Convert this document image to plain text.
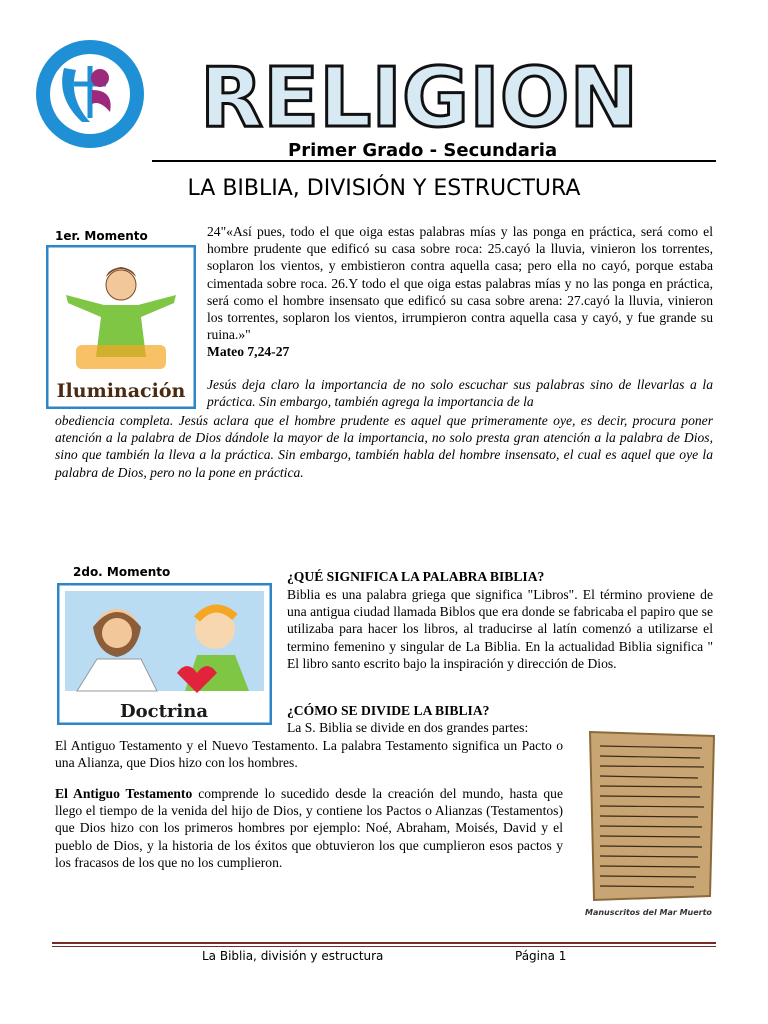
RELIGION
Primer Grado - Secundaria
LA BIBLIA, DIVISIÓN Y ESTRUCTURA
1er. Momento
Iluminación
24"«Así pues, todo el que oiga estas palabras mías y las ponga en práctica, será como el hombre prudente que edificó su casa sobre roca: 25.cayó la lluvia, vinieron los torrentes, soplaron los vientos, y embistieron contra aquella casa; pero ella no cayó, porque estaba cimentada sobre roca. 26.Y todo el que oiga estas palabras mías y no las ponga en práctica, será como el hombre insensato que edificó su casa sobre arena: 27.cayó la lluvia, vinieron los torrentes, soplaron los vientos, irrumpieron contra aquella casa y cayó, y fue grande su ruina.»"
Mateo 7,24-27
Jesús deja claro la importancia de no solo escuchar sus palabras sino de llevarlas a la práctica. Sin embargo, también agrega la importancia de la
obediencia completa. Jesús aclara que el hombre prudente es aquel que primeramente oye, es decir, procura poner atención a la palabra de Dios dándole la mayor de la importancia, no solo presta gran atención a la palabra de Dios, sino que también la lleva a la práctica. Sin embargo, también habla del hombre insensato, el cual es aquel que oye la palabra de Dios, pero no la pone en práctica.
2do. Momento
Doctrina
¿QUÉ SIGNIFICA LA PALABRA BIBLIA?
Biblia es una palabra griega que significa "Libros". El término proviene de una antigua ciudad llamada Biblos que era donde se fabricaba el papiro que se utilizaba para hacer los libros, al traducirse al latín comenzó a utilizarse el termino femenino y singular de La Biblia. En la actualidad Biblia significa " El libro santo escrito bajo la inspiración y dirección de Dios.
¿CÓMO SE DIVIDE LA BIBLIA?
La S. Biblia se divide en dos grandes partes:
El Antiguo Testamento y el Nuevo Testamento. La palabra Testamento significa un Pacto o una Alianza, que Dios hizo con los hombres.
El Antiguo Testamento comprende lo sucedido desde la creación del mundo, hasta que llego el tiempo de la venida del hijo de Dios, y contiene los Pactos o Alianzas (Testamentos) que Dios hizo con los primeros hombres por ejemplo: Noé, Abraham, Moisés, David y el pueblo de Dios, y la historia de los éxitos que obtuvieron los que cumplieron esos pactos y los fracasos de los que no los cumplieron.
Manuscritos del Mar Muerto
La Biblia, división y estructura	Página 1
